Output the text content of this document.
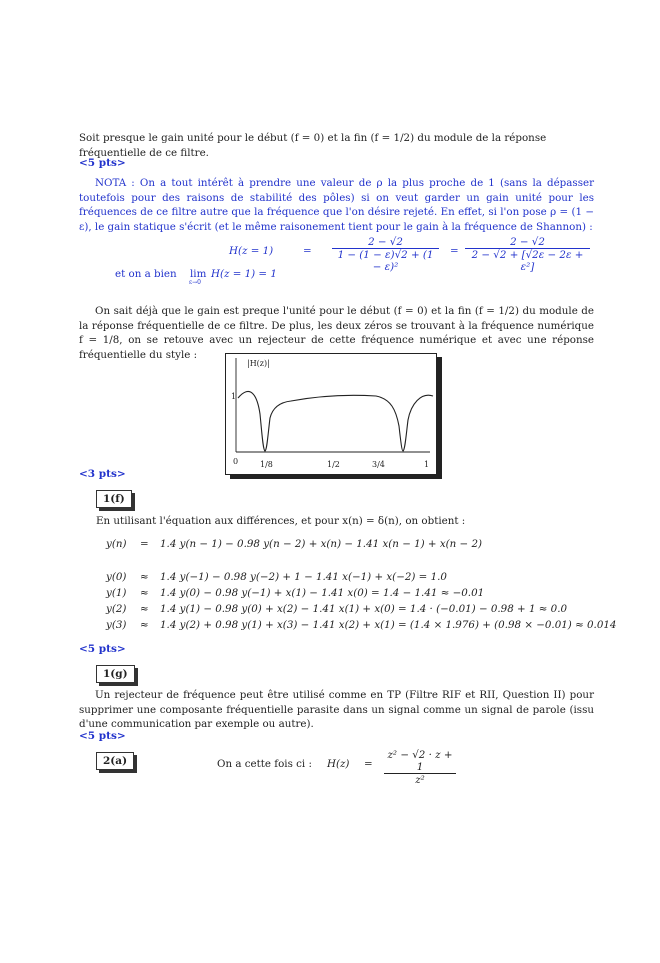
Soit presque le gain unité pour le début (f = 0) et la fin (f = 1/2) du module de la réponse fréquentielle de ce filtre.
<5 pts>
NOTA : On a tout intérêt à prendre une valeur de ρ la plus proche de 1 (sans la dépasser toutefois pour des raisons de stabilité des pôles) si on veut garder un gain unité pour les fréquences de ce filtre autre que la fréquence que l'on désire rejeté. En effet, si l'on pose ρ = (1 − ε), le gain statique s'écrit (et le même raisonement tient pour le gain à la fréquence de Shannon) :
H(z = 1)	= $\frac{2 - √2}{\text{1 − (1 − ε)√2 + (1 − ε)²}} = \frac{2 - √2}{\text{2 − √2 + [√2ε − 2ε + ε²]}}$
et on a bien lim
ε→0
H(z = 1) = 1
On sait déjà que le gain est preque l'unité pour le début (f = 0) et la fin (f = 1/2) du module de la réponse fréquentielle de ce filtre. De plus, les deux zéros se trouvant à la fréquence numérique f = 1/8, on se retouve avec un rejecteur de cette fréquence numérique et avec une réponse fréquentielle du style :
|H(z)|
1
0	1/8	1/2	3/4	1
<3 pts>
1(f)
En utilisant l'équation aux différences, et pour x(n) = δ(n), on obtient :
y(n) = 1.4 y(n − 1) − 0.98 y(n − 2) + x(n) − 1.41 x(n − 1) + x(n − 2)
y(0) ≈ 1.4 y(−1) − 0.98 y(−2) + 1 − 1.41 x(−1) + x(−2) = 1.0
y(1) ≈ 1.4 y(0) − 0.98 y(−1) + x(1) − 1.41 x(0) = 1.4 − 1.41 ≈ −0.01
y(2) ≈ 1.4 y(1) − 0.98 y(0) + x(2) − 1.41 x(1) + x(0) = 1.4 · (−0.01) − 0.98 + 1 ≈ 0.0
y(3) ≈ 1.4 y(2) + 0.98 y(1) + x(3) − 1.41 x(2) + x(1) = (1.4 × 1.976) + (0.98 × −0.01) ≈ 0.014
<5 pts>
1(g)
Un rejecteur de fréquence peut être utilisé comme en TP (Filtre RIF et RII, Question II) pour supprimer une composante fréquentielle parasite dans un signal comme un signal de parole (issu d'une communication par exemple ou autre).
<5 pts>
2(a)	On a cette fois ci : $H(z) = \frac{\text{z² − √2 · z + 1}}{\text{z²}}$
